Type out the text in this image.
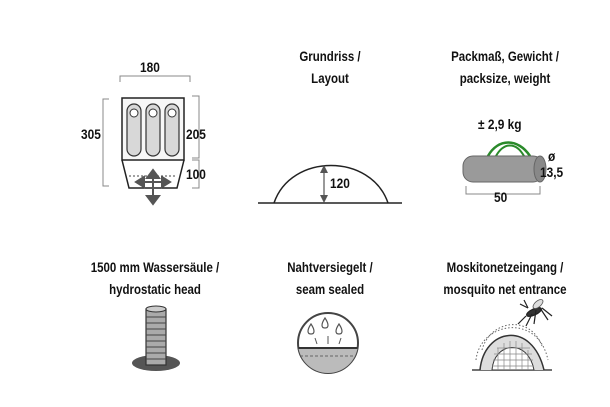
180
305	205
100
Grundriss /
Layout
120
Packmaß, Gewicht /
packsize, weight
± 2,9 kg
ø
13,5
50
1500 mm Wassersäule /
hydrostatic head
Nahtversiegelt /
seam sealed
Moskitonetzeingang /
mosquito net entrance
